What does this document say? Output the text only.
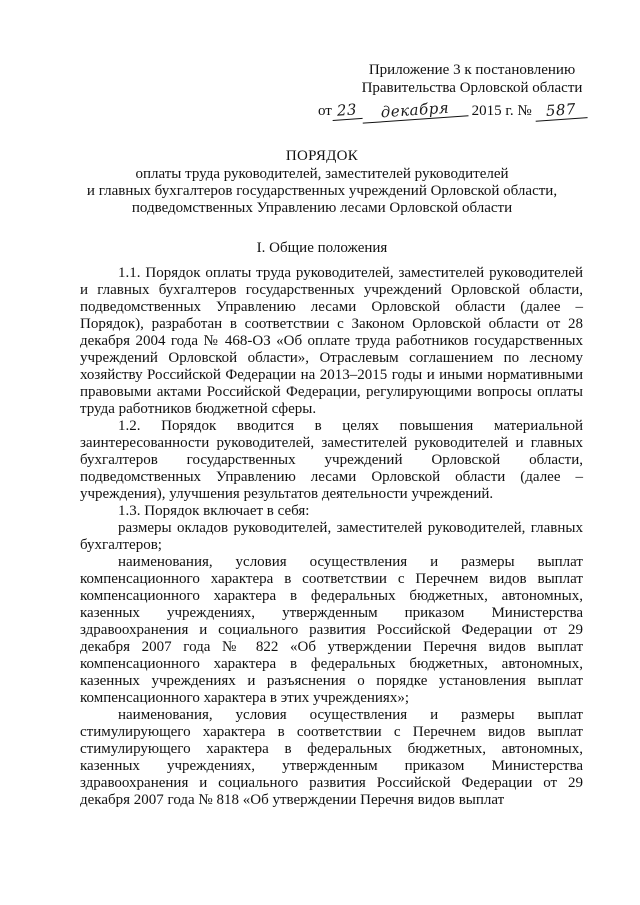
Приложение 3 к постановлению
Правительства Орловской области
от 23 декабря 2015 г. № 587
ПОРЯДОК
оплаты труда руководителей, заместителей руководителей
и главных бухгалтеров государственных учреждений Орловской области,
подведомственных Управлению лесами Орловской области
I. Общие положения

1.1. Порядок оплаты труда руководителей, заместителей руководителей и главных бухгалтеров государственных учреждений Орловской области, подведомственных Управлению лесами Орловской области (далее – Порядок), разработан в соответствии с Законом Орловской области от 28 декабря 2004 года № 468-ОЗ «Об оплате труда работников государственных учреждений Орловской области», Отраслевым соглашением по лесному хозяйству Российской Федерации на 2013–2015 годы и иными нормативными правовыми актами Российской Федерации, регулирующими вопросы оплаты труда работников бюджетной сферы.

1.2. Порядок вводится в целях повышения материальной заинтересованности руководителей, заместителей руководителей и главных бухгалтеров государственных учреждений Орловской области, подведомственных Управлению лесами Орловской области (далее – учреждения), улучшения результатов деятельности учреждений.

1.3. Порядок включает в себя:

размеры окладов руководителей, заместителей руководителей, главных бухгалтеров;

наименования, условия осуществления и размеры выплат компенсационного характера в соответствии с Перечнем видов выплат компенсационного характера в федеральных бюджетных, автономных, казенных учреждениях, утвержденным приказом Министерства здравоохранения и социального развития Российской Федерации от 29 декабря 2007 года № 822 «Об утверждении Перечня видов выплат компенсационного характера в федеральных бюджетных, автономных, казенных учреждениях и разъяснения о порядке установления выплат компенсационного характера в этих учреждениях»;

наименования, условия осуществления и размеры выплат стимулирующего характера в соответствии с Перечнем видов выплат стимулирующего характера в федеральных бюджетных, автономных, казенных учреждениях, утвержденным приказом Министерства здравоохранения и социального развития Российской Федерации от 29 декабря 2007 года № 818 «Об утверждении Перечня видов выплат
